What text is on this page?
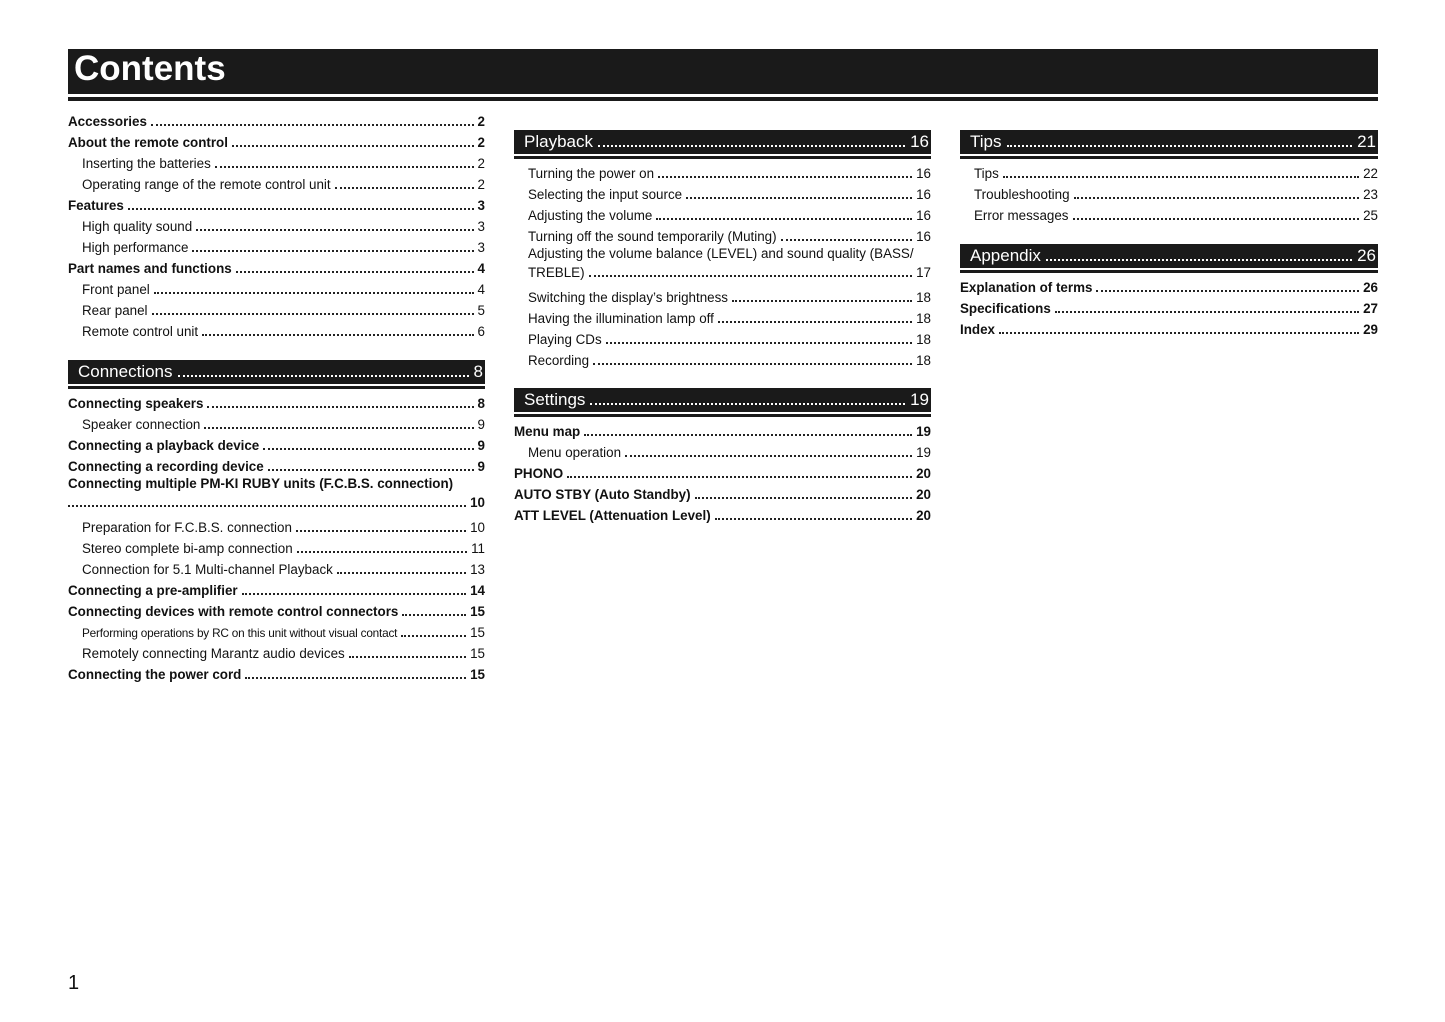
Contents
Accessories	2
About the remote control	2
Inserting the batteries	2
Operating range of the remote control unit	2
Features	3
High quality sound	3
High performance	3
Part names and functions	4
Front panel	4
Rear panel	5
Remote control unit	6
Connections	8
Connecting speakers	8
Speaker connection	9
Connecting a playback device	9
Connecting a recording device	9
Connecting multiple PM-KI RUBY units (F.C.B.S. connection)
10
Preparation for F.C.B.S. connection	10
Stereo complete bi-amp connection	11
Connection for 5.1 Multi-channel Playback	13
Connecting a pre-amplifier	14
Connecting devices with remote control connectors	15
Performing operations by RC on this unit without visual contact	15
Remotely connecting Marantz audio devices	15
Connecting the power cord	15
Playback	16
Turning the power on	16
Selecting the input source	16
Adjusting the volume	16
Turning off the sound temporarily (Muting)	16
Adjusting the volume balance (LEVEL) and sound quality (BASS/
TREBLE)	17
Switching the display’s brightness	18
Having the illumination lamp off	18
Playing CDs	18
Recording	18
Settings	19
Menu map	19
Menu operation	19
PHONO	20
AUTO STBY (Auto Standby)	20
ATT LEVEL (Attenuation Level)	20
Tips	21
Tips	22
Troubleshooting	23
Error messages	25
Appendix	26
Explanation of terms	26
Specifications	27
Index	29
1
